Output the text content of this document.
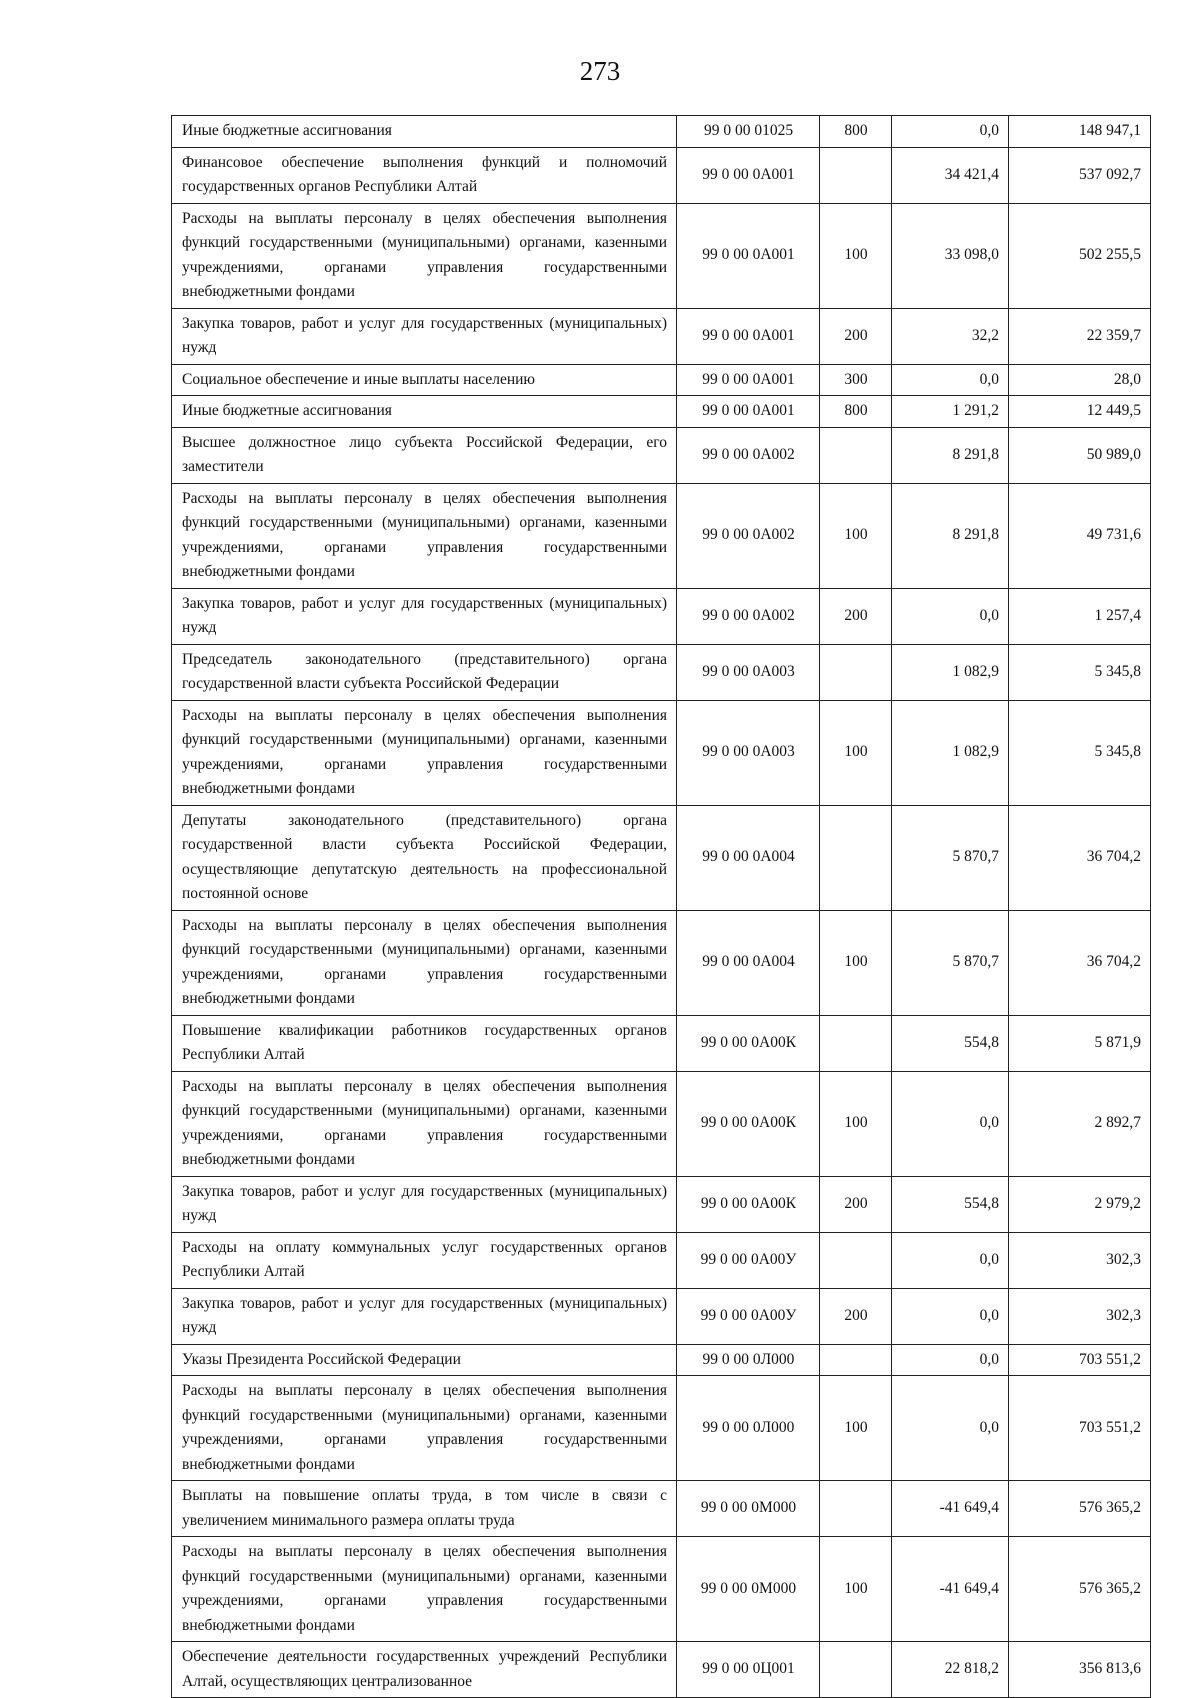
273
Иные бюджетные ассигнования	99 0 00 01025	800	0,0	148 947,1
Финансовое обеспечение выполнения функций и полномочий государственных органов Республики Алтай	99 0 00 0А001		34 421,4	537 092,7
Расходы на выплаты персоналу в целях обеспечения выполнения функций государственными (муниципальными) органами, казенными учреждениями, органами управления государственными внебюджетными фондами	99 0 00 0А001	100	33 098,0	502 255,5
Закупка товаров, работ и услуг для государственных (муниципальных) нужд	99 0 00 0А001	200	32,2	22 359,7
Социальное обеспечение и иные выплаты населению	99 0 00 0А001	300	0,0	28,0
Иные бюджетные ассигнования	99 0 00 0А001	800	1 291,2	12 449,5
Высшее должностное лицо субъекта Российской Федерации, его заместители	99 0 00 0А002		8 291,8	50 989,0
Расходы на выплаты персоналу в целях обеспечения выполнения функций государственными (муниципальными) органами, казенными учреждениями, органами управления государственными внебюджетными фондами	99 0 00 0А002	100	8 291,8	49 731,6
Закупка товаров, работ и услуг для государственных (муниципальных) нужд	99 0 00 0А002	200	0,0	1 257,4
Председатель законодательного (представительного) органа государственной власти субъекта Российской Федерации	99 0 00 0А003		1 082,9	5 345,8
Расходы на выплаты персоналу в целях обеспечения выполнения функций государственными (муниципальными) органами, казенными учреждениями, органами управления государственными внебюджетными фондами	99 0 00 0А003	100	1 082,9	5 345,8
Депутаты законодательного (представительного) органа государственной власти субъекта Российской Федерации, осуществляющие депутатскую деятельность на профессиональной постоянной основе	99 0 00 0А004		5 870,7	36 704,2
Расходы на выплаты персоналу в целях обеспечения выполнения функций государственными (муниципальными) органами, казенными учреждениями, органами управления государственными внебюджетными фондами	99 0 00 0А004	100	5 870,7	36 704,2
Повышение квалификации работников государственных органов Республики Алтай	99 0 00 0А00К		554,8	5 871,9
Расходы на выплаты персоналу в целях обеспечения выполнения функций государственными (муниципальными) органами, казенными учреждениями, органами управления государственными внебюджетными фондами	99 0 00 0А00К	100	0,0	2 892,7
Закупка товаров, работ и услуг для государственных (муниципальных) нужд	99 0 00 0А00К	200	554,8	2 979,2
Расходы на оплату коммунальных услуг государственных органов Республики Алтай	99 0 00 0А00У		0,0	302,3
Закупка товаров, работ и услуг для государственных (муниципальных) нужд	99 0 00 0А00У	200	0,0	302,3
Указы Президента Российской Федерации	99 0 00 0Л000		0,0	703 551,2
Расходы на выплаты персоналу в целях обеспечения выполнения функций государственными (муниципальными) органами, казенными учреждениями, органами управления государственными внебюджетными фондами	99 0 00 0Л000	100	0,0	703 551,2
Выплаты на повышение оплаты труда, в том числе в связи с увеличением минимального размера оплаты труда	99 0 00 0М000		-41 649,4	576 365,2
Расходы на выплаты персоналу в целях обеспечения выполнения функций государственными (муниципальными) органами, казенными учреждениями, органами управления государственными внебюджетными фондами	99 0 00 0М000	100	-41 649,4	576 365,2
Обеспечение деятельности государственных учреждений Республики Алтай, осуществляющих централизованное	99 0 00 0Ц001		22 818,2	356 813,6
